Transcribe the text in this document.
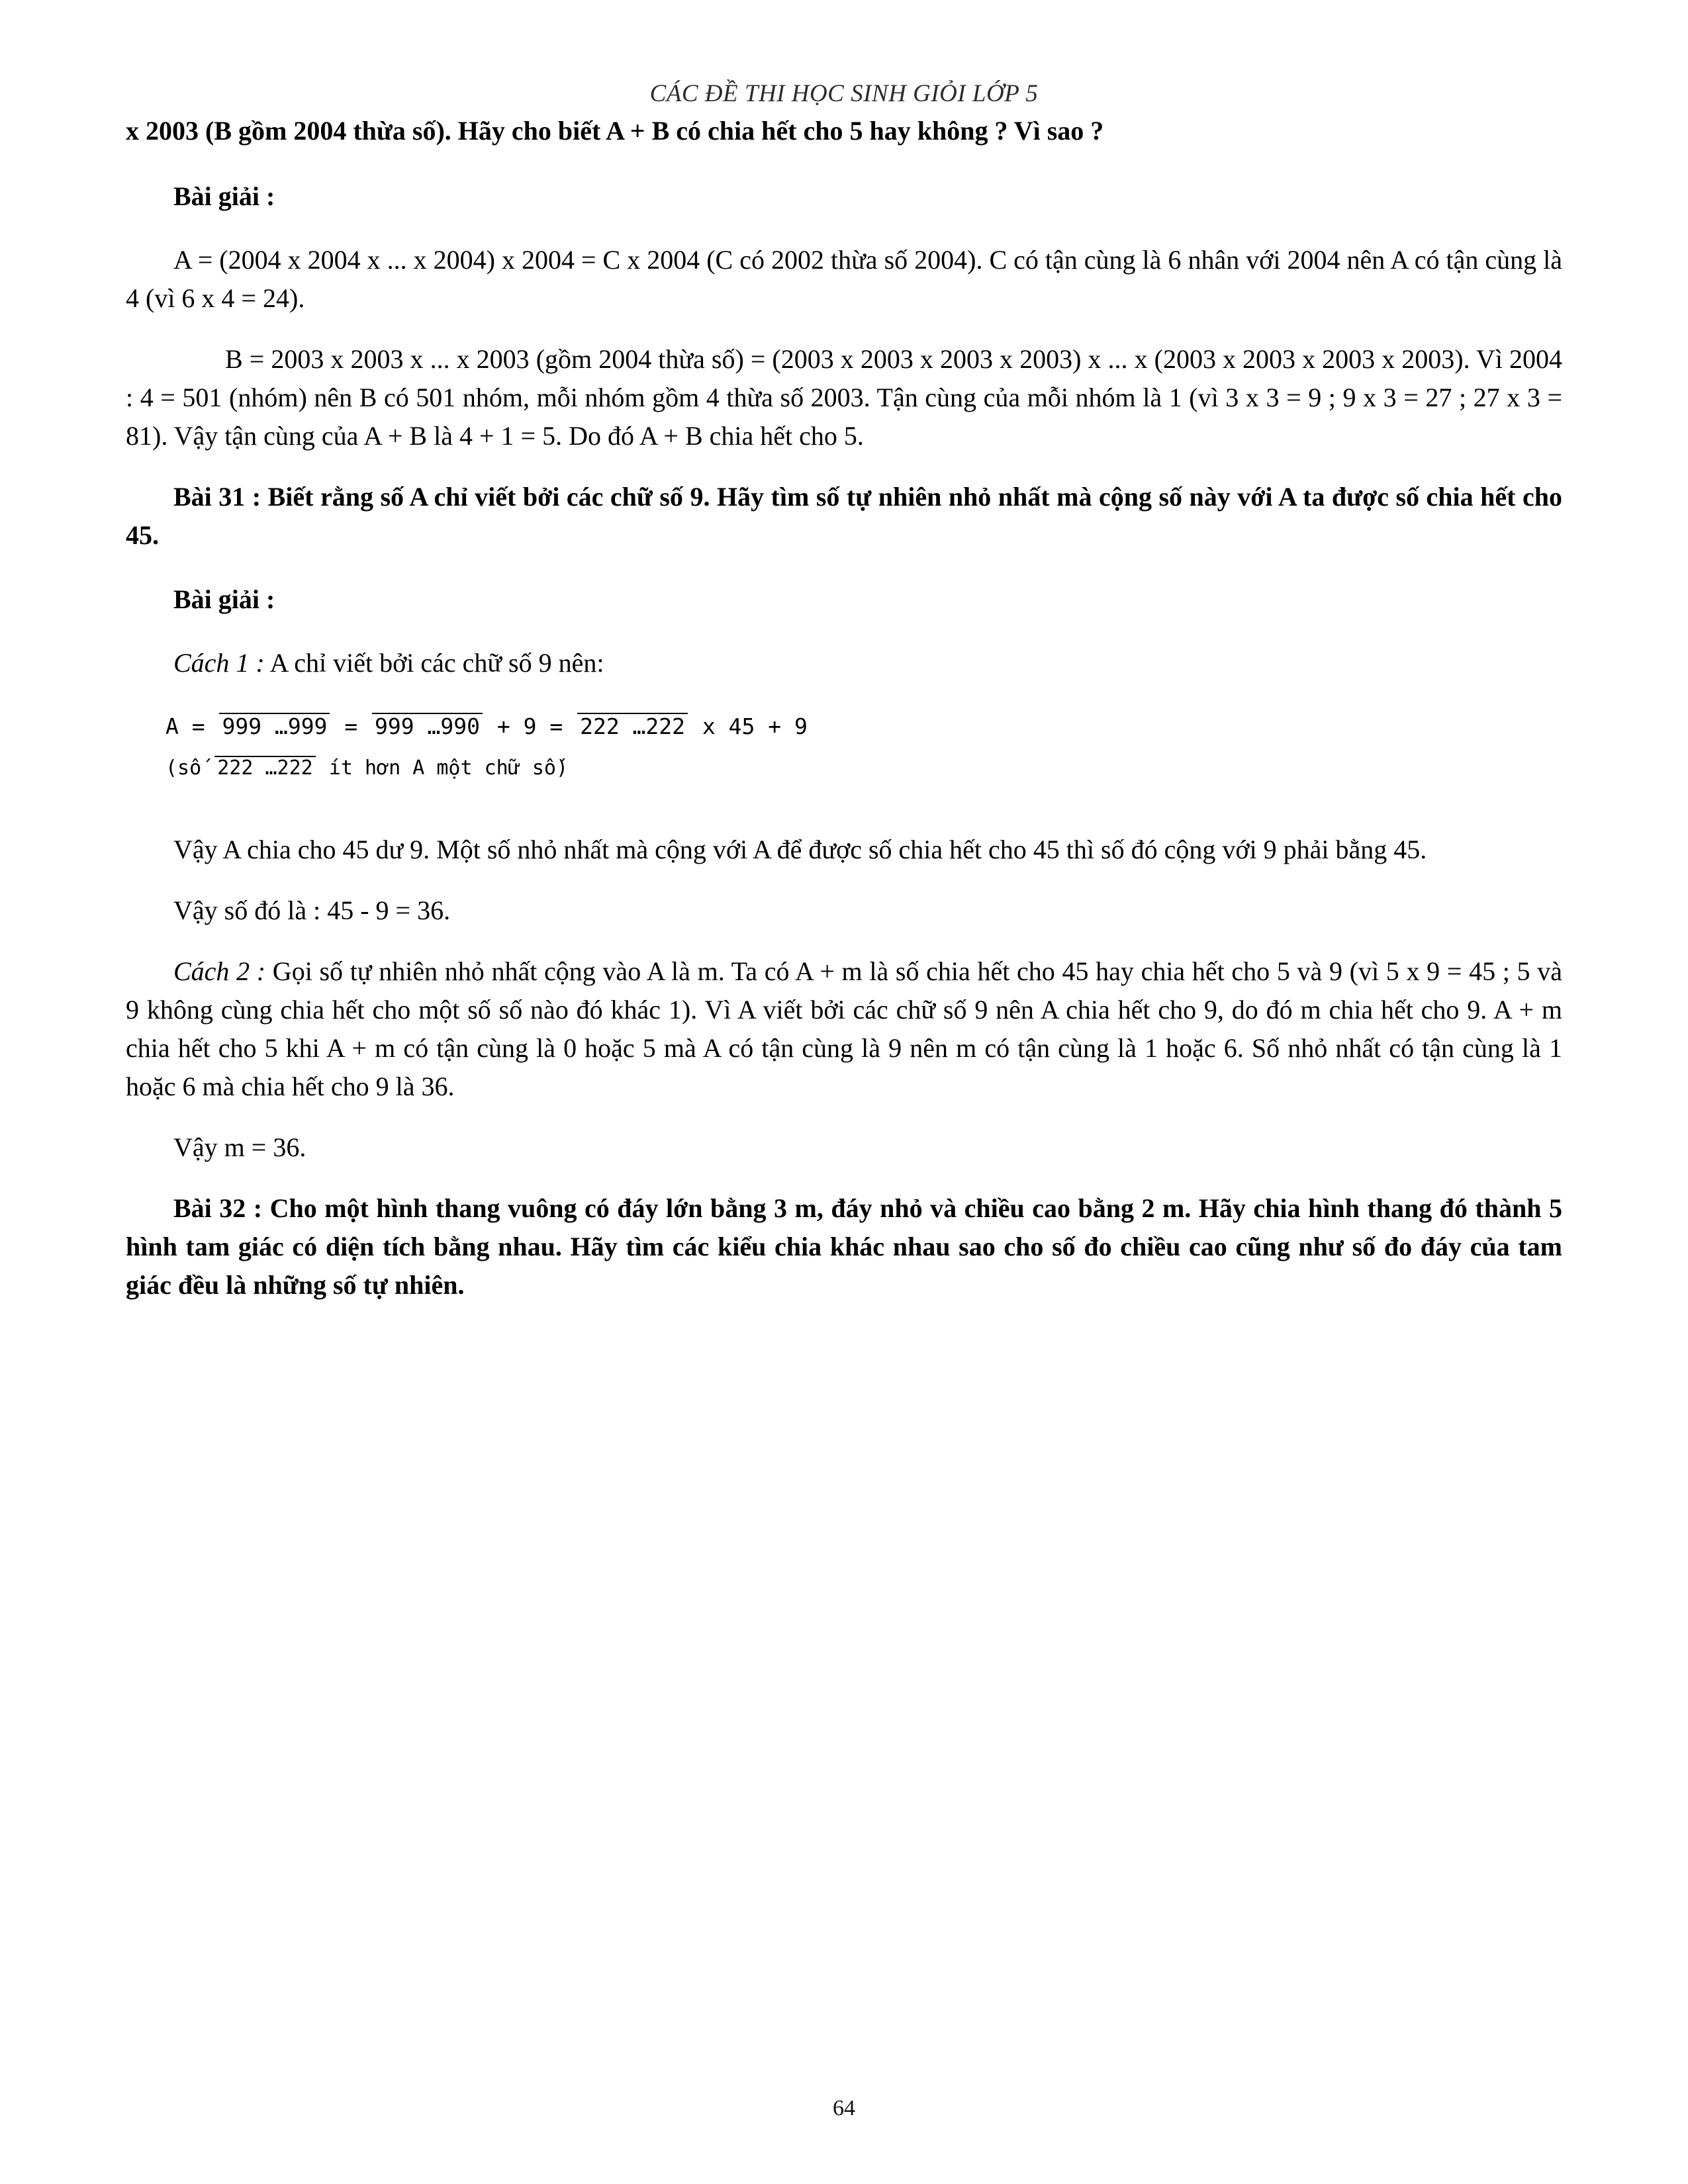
CÁC ĐỀ THI HỌC SINH GIỎI LỚP 5
x 2003 (B gồm 2004 thừa số). Hãy cho biết A + B có chia hết cho 5 hay không ? Vì sao ?
Bài giải :
A = (2004 x 2004 x ... x 2004) x 2004 = C x 2004 (C có 2002 thừa số 2004). C có tận cùng là 6 nhân với 2004 nên A có tận cùng là 4 (vì 6 x 4 = 24).
B = 2003 x 2003 x ... x 2003 (gồm 2004 thừa số) = (2003 x 2003 x 2003 x 2003) x ... x (2003 x 2003 x 2003 x 2003). Vì 2004 : 4 = 501 (nhóm) nên B có 501 nhóm, mỗi nhóm gồm 4 thừa số 2003. Tận cùng của mỗi nhóm là 1 (vì 3 x 3 = 9 ; 9 x 3 = 27 ; 27 x 3 = 81). Vậy tận cùng của A + B là 4 + 1 = 5. Do đó A + B chia hết cho 5.
Bài 31 : Biết rằng số A chỉ viết bởi các chữ số 9. Hãy tìm số tự nhiên nhỏ nhất mà cộng số này với A ta được số chia hết cho 45.
Bài giải :
Cách 1 : A chỉ viết bởi các chữ số 9 nên:
A = 999 …999 = 999 …990 + 9 = 222 …222 x 45 + 9
(số 222 …222 ít hơn A một chữ số)
Vậy A chia cho 45 dư 9. Một số nhỏ nhất mà cộng với A để được số chia hết cho 45 thì số đó cộng với 9 phải bằng 45.
Vậy số đó là : 45 - 9 = 36.
Cách 2 : Gọi số tự nhiên nhỏ nhất cộng vào A là m. Ta có A + m là số chia hết cho 45 hay chia hết cho 5 và 9 (vì 5 x 9 = 45 ; 5 và 9 không cùng chia hết cho một số số nào đó khác 1). Vì A viết bởi các chữ số 9 nên A chia hết cho 9, do đó m chia hết cho 9. A + m chia hết cho 5 khi A + m có tận cùng là 0 hoặc 5 mà A có tận cùng là 9 nên m có tận cùng là 1 hoặc 6. Số nhỏ nhất có tận cùng là 1 hoặc 6 mà chia hết cho 9 là 36.
Vậy m = 36.
Bài 32 : Cho một hình thang vuông có đáy lớn bằng 3 m, đáy nhỏ và chiều cao bằng 2 m. Hãy chia hình thang đó thành 5 hình tam giác có diện tích bằng nhau. Hãy tìm các kiểu chia khác nhau sao cho số đo chiều cao cũng như số đo đáy của tam giác đều là những số tự nhiên.
64
